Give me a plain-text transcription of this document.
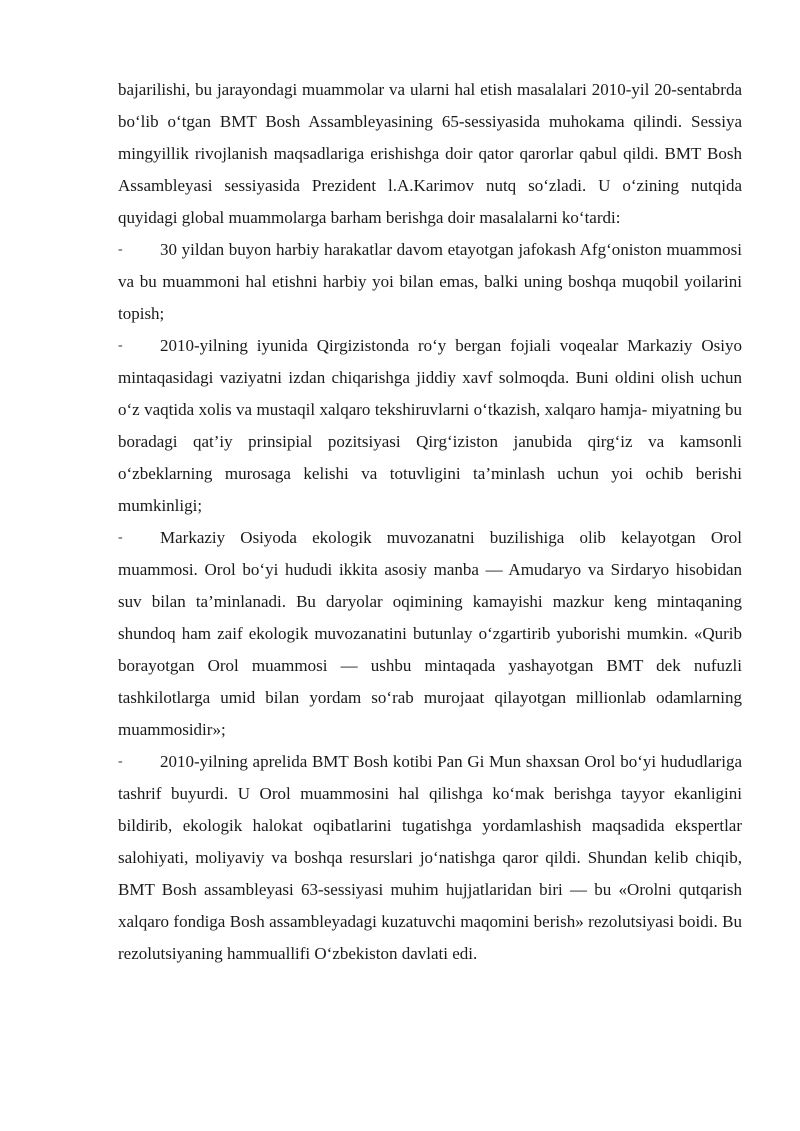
bajarilishi, bu jarayondagi muammolar va ularni hal etish masalalari 2010-yil 20-sentabrda bo‘lib o‘tgan BMT Bosh Assambleyasining 65-sessiyasida muhokama qilindi. Sessiya mingyillik rivojlanish maqsadlariga erishishga doir qator qarorlar qabul qildi. BMT Bosh Assambleyasi sessiyasida Prezident l.A.Karimov nutq so‘zladi. U o‘zining nutqida quyidagi global muammolarga barham berishga doir masalalarni ko‘tardi:

- 30 yildan buyon harbiy harakatlar davom etayotgan jafokash Afg‘oniston muammosi va bu muammoni hal etishni harbiy yoi bilan emas, balki uning boshqa muqobil yoilarini topish;
- 2010-yilning iyunida Qirgizistonda ro‘y bergan fojiali voqealar Markaziy Osiyo mintaqasidagi vaziyatni izdan chiqarishga jiddiy xavf solmoqda. Buni oldini olish uchun o‘z vaqtida xolis va mustaqil xalqaro tekshiruvlarni o‘tkazish, xalqaro hamja- miyatning bu boradagi qat’iy prinsipial pozitsiyasi Qirg‘iziston janubida qirg‘iz va kamsonli o‘zbeklarning murosaga kelishi va totuvligini ta’minlash uchun yoi ochib berishi mumkinligi;
- Markaziy Osiyoda ekologik muvozanatni buzilishiga olib kelayotgan Orol muammosi. Orol bo‘yi hududi ikkita asosiy manba — Amudaryo va Sirdaryo hisobidan suv bilan ta’minlanadi. Bu daryolar oqimining kamayishi mazkur keng mintaqaning shundoq ham zaif ekologik muvozanatini butunlay o‘zgartirib yuborishi mumkin. «Qurib borayotgan Orol muammosi — ushbu mintaqada yashayotgan BMT dek nufuzli tashkilotlarga umid bilan yordam so‘rab murojaat qilayotgan millionlab odamlarning muammosidir»;
- 2010-yilning aprelida BMT Bosh kotibi Pan Gi Mun shaxsan Orol bo‘yi hududlariga tashrif buyurdi. U Orol muammosini hal qilishga ko‘mak berishga tayyor ekanligini bildirib, ekologik halokat oqibatlarini tugatishga yordamlashish maqsadida ekspertlar salohiyati, moliyaviy va boshqa resurslari jo‘natishga qaror qildi. Shundan kelib chiqib, BMT Bosh assambleyasi 63-sessiyasi muhim hujjatlaridan biri — bu «Orolni qutqarish xalqaro fondiga Bosh assambleyadagi kuzatuvchi maqomini berish» rezolutsiyasi boidi. Bu rezolutsiyaning hammuallifi O‘zbekiston davlati edi.
